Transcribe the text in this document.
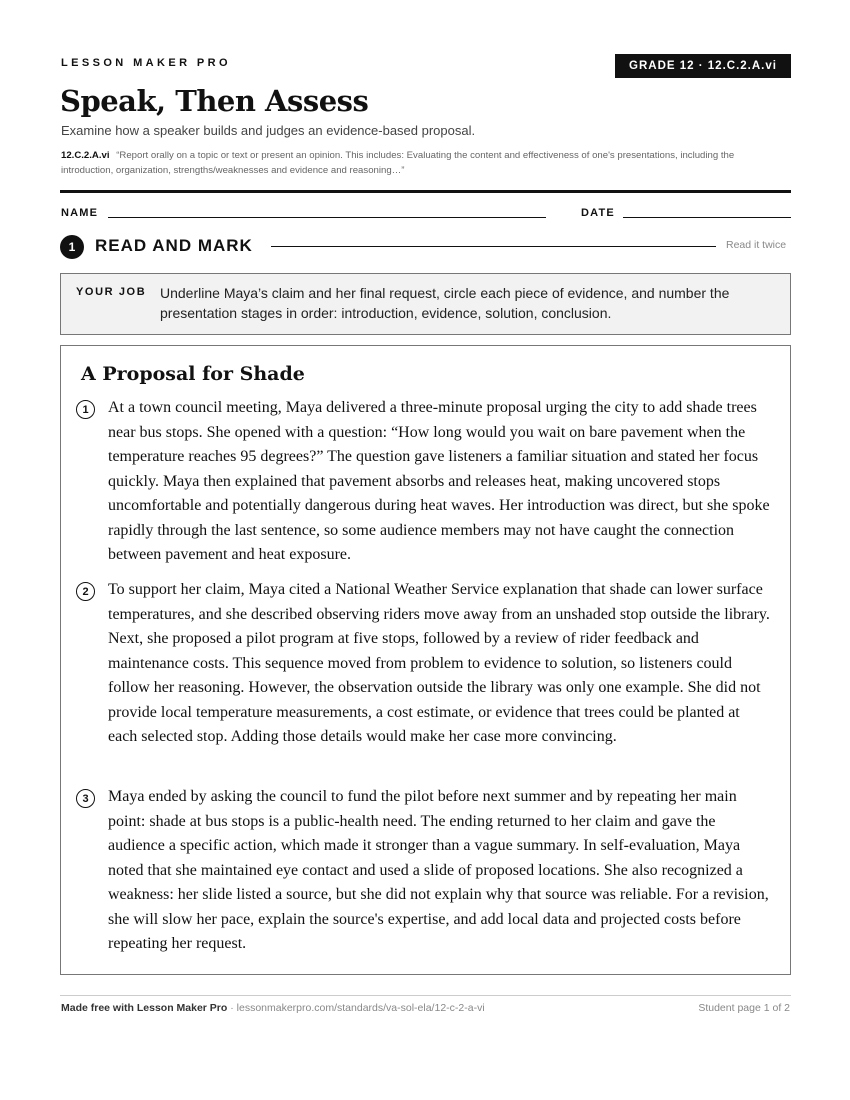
LESSON MAKER PRO	GRADE 12 · 12.C.2.A.vi
Speak, Then Assess
Examine how a speaker builds and judges an evidence-based proposal.
12.C.2.A.vi “Report orally on a topic or text or present an opinion. This includes: Evaluating the content and effectiveness of one's presentations, including the introduction, organization, strengths/weaknesses and evidence and reasoning…”
NAME	DATE
1	READ AND MARK	Read it twice
YOUR JOB Underline Maya’s claim and her final request, circle each piece of evidence, and number the presentation stages in order: introduction, evidence, solution, conclusion.
A Proposal for Shade
1	At a town council meeting, Maya delivered a three-minute proposal urging the city to add shade trees near bus stops. She opened with a question: “How long would you wait on bare pavement when the temperature reaches 95 degrees?” The question gave listeners a familiar situation and stated her focus quickly. Maya then explained that pavement absorbs and releases heat, making uncovered stops uncomfortable and potentially dangerous during heat waves. Her introduction was direct, but she spoke rapidly through the last sentence, so some audience members may not have caught the connection between pavement and heat exposure.
2	To support her claim, Maya cited a National Weather Service explanation that shade can lower surface temperatures, and she described observing riders move away from an unshaded stop outside the library. Next, she proposed a pilot program at five stops, followed by a review of rider feedback and maintenance costs. This sequence moved from problem to evidence to solution, so listeners could follow her reasoning. However, the observation outside the library was only one example. She did not provide local temperature measurements, a cost estimate, or evidence that trees could be planted at each selected stop. Adding those details would make her case more convincing.
3	Maya ended by asking the council to fund the pilot before next summer and by repeating her main point: shade at bus stops is a public-health need. The ending returned to her claim and gave the audience a specific action, which made it stronger than a vague summary. In self-evaluation, Maya noted that she maintained eye contact and used a slide of proposed locations. She also recognized a weakness: her slide listed a source, but she did not explain why that source was reliable. For a revision, she will slow her pace, explain the source's expertise, and add local data and projected costs before repeating her request.
Made free with Lesson Maker Pro · lessonmakerpro.com/standards/va-sol-ela/12-c-2-a-vi	Student page 1 of 2
